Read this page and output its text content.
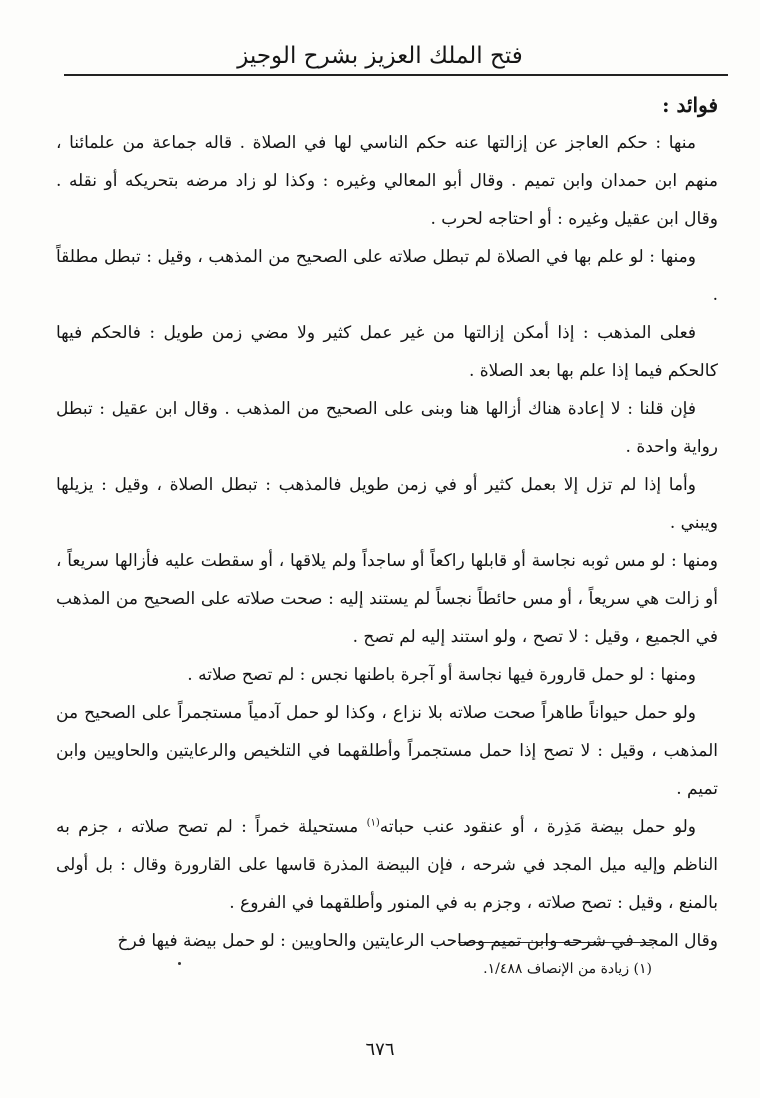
فتح الملك العزيز بشرح الوجيز
فوائد :

منها : حكم العاجز عن إزالتها عنه حكم الناسي لها في الصلاة . قاله جماعة من علمائنا ، منهم ابن حمدان وابن تميم . وقال أبو المعالي وغيره : وكذا لو زاد مرضه بتحريكه أو نقله . وقال ابن عقيل وغيره : أو احتاجه لحرب .

ومنها : لو علم بها في الصلاة لم تبطل صلاته على الصحيح من المذهب ، وقيل : تبطل مطلقاً .

فعلى المذهب : إذا أمكن إزالتها من غير عمل كثير ولا مضي زمن طويل : فالحكم فيها كالحكم فيما إذا علم بها بعد الصلاة .

فإن قلنا : لا إعادة هناك أزالها هنا وبنى على الصحيح من المذهب . وقال ابن عقيل : تبطل رواية واحدة .

وأما إذا لم تزل إلا بعمل كثير أو في زمن طويل فالمذهب : تبطل الصلاة ، وقيل : يزيلها ويبني .

ومنها : لو مس ثوبه نجاسة أو قابلها راكعاً أو ساجداً ولم يلاقها ، أو سقطت عليه فأزالها سريعاً ، أو زالت هي سريعاً ، أو مس حائطاً نجساً لم يستند إليه : صحت صلاته على الصحيح من المذهب في الجميع ، وقيل : لا تصح ، ولو استند إليه لم تصح .

ومنها : لو حمل قارورة فيها نجاسة أو آجرة باطنها نجس : لم تصح صلاته .

ولو حمل حيواناً طاهراً صحت صلاته بلا نزاع ، وكذا لو حمل آدمياً مستجمراً على الصحيح من المذهب ، وقيل : لا تصح إذا حمل مستجمراً وأطلقهما في التلخيص والرعايتين والحاويين وابن تميم .

ولو حمل بيضة مَذِرة ، أو عنقود عنب حباته$^{(١)}$ مستحيلة خمراً : لم تصح صلاته ، جزم به الناظم وإليه ميل المجد في شرحه ، فإن البيضة المذرة قاسها على القارورة وقال : بل أولى بالمنع ، وقيل : تصح صلاته ، وجزم به في المنور وأطلقهما في الفروع .

وقال المجد في شرحه وابن تميم وصاحب الرعايتين والحاويين : لو حمل بيضة فيها فرخ

(١) زيادة من الإنصاف ١/٤٨٨.
٦٧٦
